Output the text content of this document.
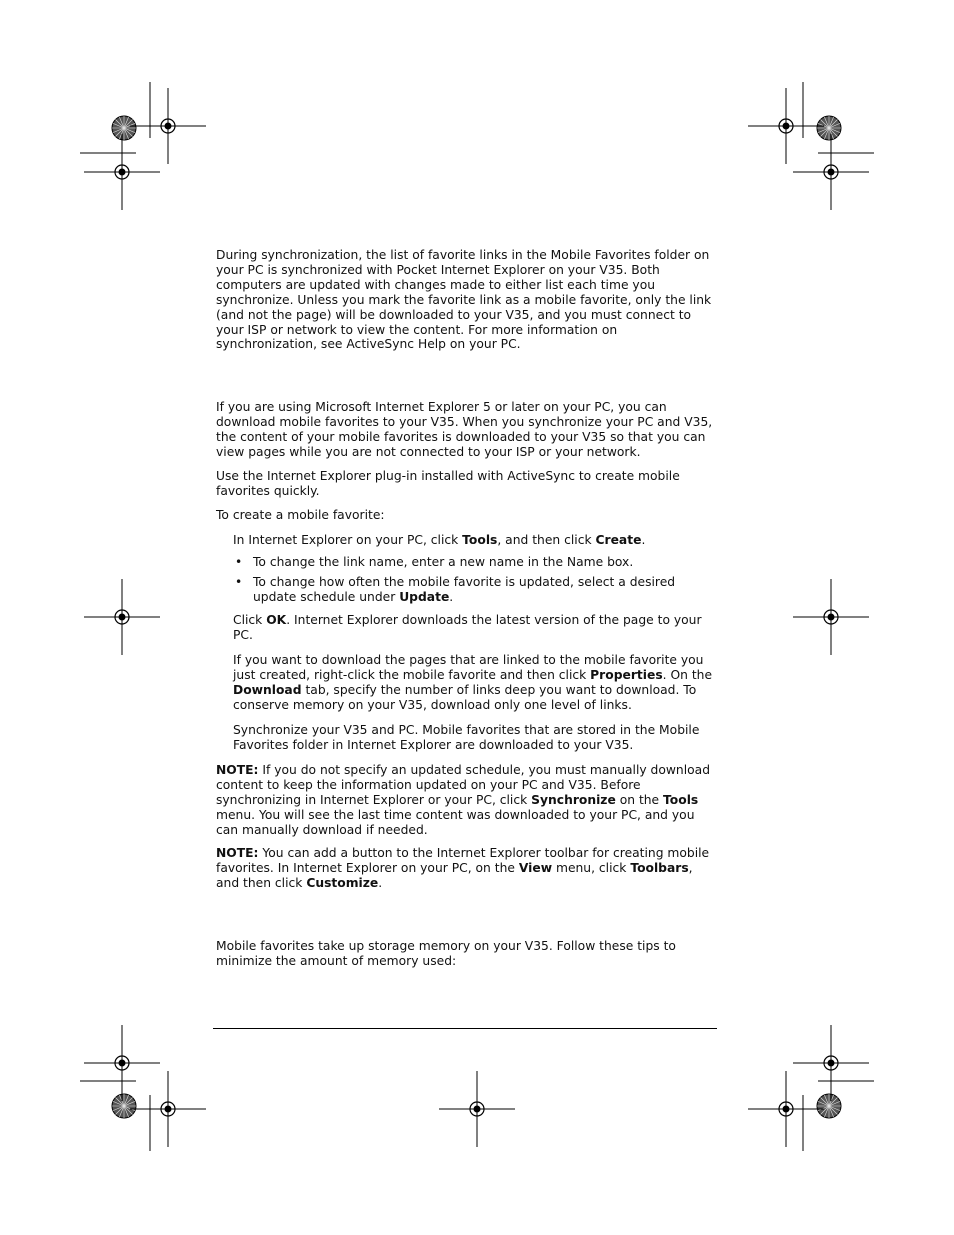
During synchronization, the list of favorite links in the Mobile Favorites folder on your PC is synchronized with Pocket Internet Explorer on your V35. Both computers are updated with changes made to either list each time you synchronize. Unless you mark the favorite link as a mobile favorite, only the link (and not the page) will be downloaded to your V35, and you must connect to your ISP or network to view the content. For more information on synchronization, see ActiveSync Help on your PC.

If you are using Microsoft Internet Explorer 5 or later on your PC, you can download mobile favorites to your V35. When you synchronize your PC and V35, the content of your mobile favorites is downloaded to your V35 so that you can view pages while you are not connected to your ISP or your network.

Use the Internet Explorer plug-in installed with ActiveSync to create mobile favorites quickly.

To create a mobile favorite:

In Internet Explorer on your PC, click Tools, and then click Create.

• To change the link name, enter a new name in the Name box.
• To change how often the mobile favorite is updated, select a desired update schedule under Update.

Click OK. Internet Explorer downloads the latest version of the page to your PC.

If you want to download the pages that are linked to the mobile favorite you just created, right-click the mobile favorite and then click Properties. On the Download tab, specify the number of links deep you want to download. To conserve memory on your V35, download only one level of links.

Synchronize your V35 and PC. Mobile favorites that are stored in the Mobile Favorites folder in Internet Explorer are downloaded to your V35.

NOTE: If you do not specify an updated schedule, you must manually download content to keep the information updated on your PC and V35. Before synchronizing in Internet Explorer or your PC, click Synchronize on the Tools menu. You will see the last time content was downloaded to your PC, and you can manually download if needed.

NOTE: You can add a button to the Internet Explorer toolbar for creating mobile favorites. In Internet Explorer on your PC, on the View menu, click Toolbars, and then click Customize.

Mobile favorites take up storage memory on your V35. Follow these tips to minimize the amount of memory used:
